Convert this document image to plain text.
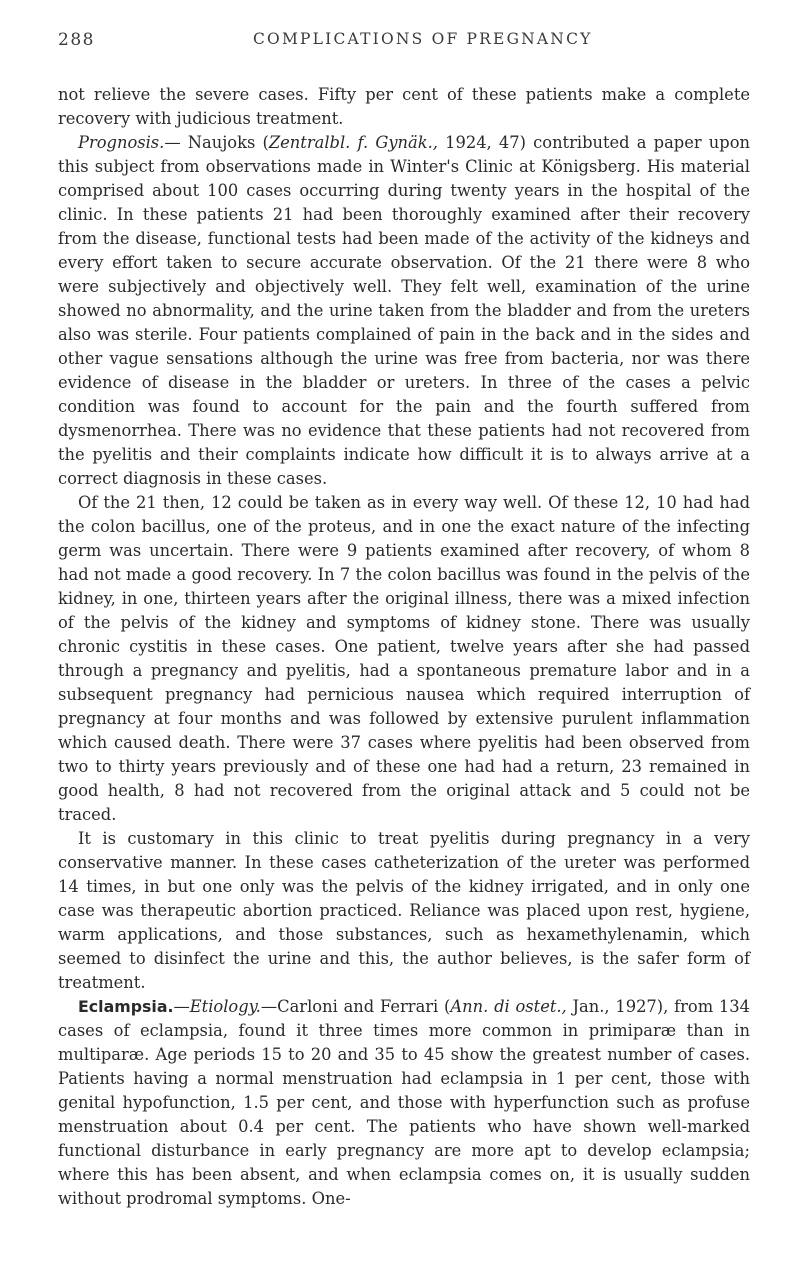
288	COMPLICATIONS OF PREGNANCY

not relieve the severe cases. Fifty per cent of these patients make a complete recovery with judicious treatment.

Prognosis.— Naujoks (Zentralbl. f. Gynäk., 1924, 47) contributed a paper upon this subject from observations made in Winter's Clinic at Königsberg. His material comprised about 100 cases occurring during twenty years in the hospital of the clinic. In these patients 21 had been thoroughly examined after their recovery from the disease, functional tests had been made of the activity of the kidneys and every effort taken to secure accurate observation. Of the 21 there were 8 who were subjectively and objectively well. They felt well, examination of the urine showed no abnormality, and the urine taken from the bladder and from the ureters also was sterile. Four patients complained of pain in the back and in the sides and other vague sensations although the urine was free from bacteria, nor was there evidence of disease in the bladder or ureters. In three of the cases a pelvic condition was found to account for the pain and the fourth suffered from dysmenorrhea. There was no evidence that these patients had not recovered from the pyelitis and their complaints indicate how difficult it is to always arrive at a correct diagnosis in these cases.

Of the 21 then, 12 could be taken as in every way well. Of these 12, 10 had had the colon bacillus, one of the proteus, and in one the exact nature of the infecting germ was uncertain. There were 9 patients examined after recovery, of whom 8 had not made a good recovery. In 7 the colon bacillus was found in the pelvis of the kidney, in one, thirteen years after the original illness, there was a mixed infection of the pelvis of the kidney and symptoms of kidney stone. There was usually chronic cystitis in these cases. One patient, twelve years after she had passed through a pregnancy and pyelitis, had a spontaneous premature labor and in a subsequent pregnancy had pernicious nausea which required interruption of pregnancy at four months and was followed by extensive purulent inflammation which caused death. There were 37 cases where pyelitis had been observed from two to thirty years previously and of these one had had a return, 23 remained in good health, 8 had not recovered from the original attack and 5 could not be traced.

It is customary in this clinic to treat pyelitis during pregnancy in a very conservative manner. In these cases catheterization of the ureter was performed 14 times, in but one only was the pelvis of the kidney irrigated, and in only one case was therapeutic abortion practiced. Reliance was placed upon rest, hygiene, warm applications, and those substances, such as hexamethylenamin, which seemed to disinfect the urine and this, the author believes, is the safer form of treatment.

Eclampsia.—Etiology.—Carloni and Ferrari (Ann. di ostet., Jan., 1927), from 134 cases of eclampsia, found it three times more common in primiparæ than in multiparæ. Age periods 15 to 20 and 35 to 45 show the greatest number of cases. Patients having a normal menstruation had eclampsia in 1 per cent, those with genital hypofunction, 1.5 per cent, and those with hyperfunction such as profuse menstruation about 0.4 per cent. The patients who have shown well-marked functional disturbance in early pregnancy are more apt to develop eclampsia; where this has been absent, and when eclampsia comes on, it is usually sudden without prodromal symptoms. One-
